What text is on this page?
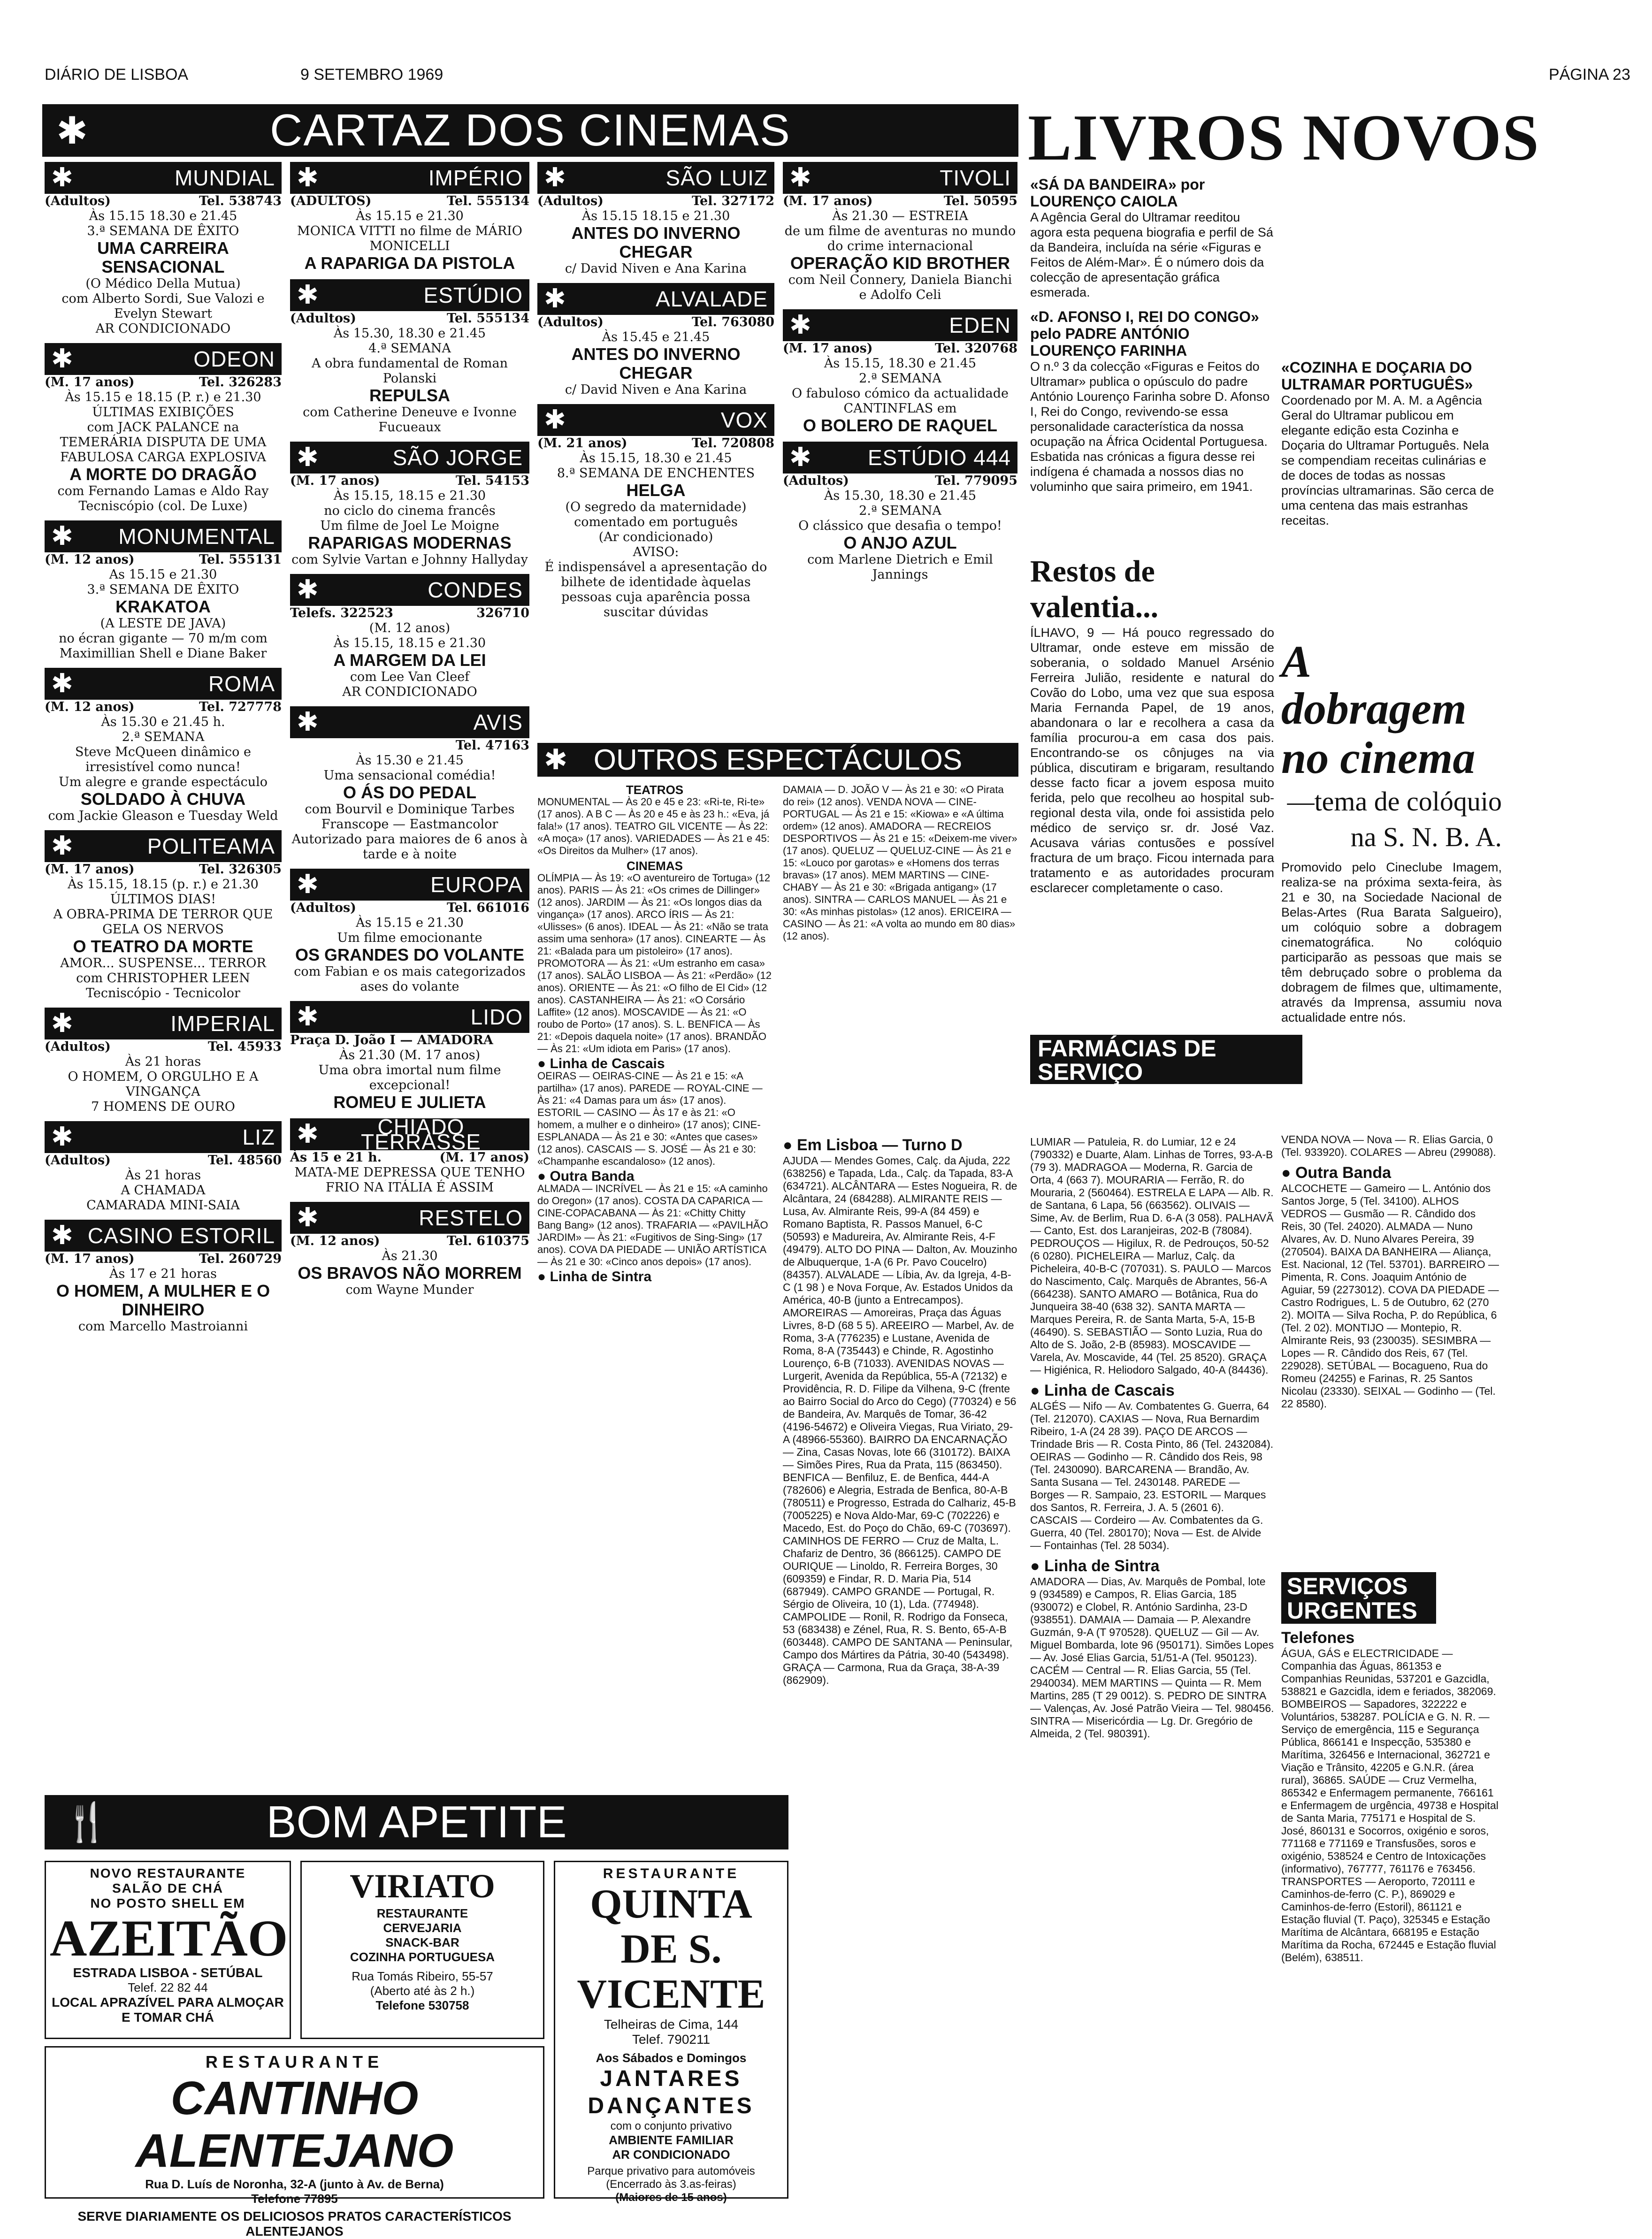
DIÁRIO DE LISBOA	9 SETEMBRO 1969	PÁGINA 23
✱	CARTAZ DOS CINEMAS
✱	MUNDIAL
(Adultos)	Tel. 538743
Às 15.15 18.30 e 21.45
3.ª SEMANA DE ÊXITO
UMA CARREIRA SENSACIONAL
(O Médico Della Mutua)
com Alberto Sordi, Sue Valozi e Evelyn Stewart
AR CONDICIONADO
✱	ODEON
(M. 17 anos)	Tel. 326283
Às 15.15 e 18.15 (P. r.) e 21.30
ÚLTIMAS EXIBIÇÕES
com JACK PALANCE na TEMERÁRIA DISPUTA DE UMA FABULOSA CARGA EXPLOSIVA
A MORTE DO DRAGÃO
com Fernando Lamas e Aldo Ray
Tecniscópio (col. De Luxe)
✱ MONUMENTAL
(M. 12 anos)	Tel. 555131
As 15.15 e 21.30
3.ª SEMANA DE ÊXITO
KRAKATOA
(A LESTE DE JAVA)
no écran gigante — 70 m/m com Maximillian Shell e Diane Baker
✱	ROMA
(M. 12 anos)	Tel. 727778
Às 15.30 e 21.45 h.
2.ª SEMANA
Steve McQueen dinâmico e irresistível como nunca!
Um alegre e grande espectáculo
SOLDADO À CHUVA
com Jackie Gleason e Tuesday Weld
✱	POLITEAMA
(M. 17 anos)	Tel. 326305
Às 15.15, 18.15 (p. r.) e 21.30
ÚLTIMOS DIAS!
A OBRA-PRIMA DE TERROR QUE GELA OS NERVOS
O TEATRO DA MORTE
AMOR... SUSPENSE... TERROR
com CHRISTOPHER LEEN
Tecniscópio - Tecnicolor
✱	IMPERIAL
(Adultos)	Tel. 45933
Às 21 horas
O HOMEM, O ORGULHO E A VINGANÇA
7 HOMENS DE OURO
✱	LIZ
(Adultos)	Tel. 48560
Às 21 horas
A CHAMADA
CAMARADA MINI-SAIA
✱ CASINO ESTORIL
(M. 17 anos)	Tel. 260729
Às 17 e 21 horas
O HOMEM, A MULHER E O DINHEIRO
com Marcello Mastroianni
✱	IMPÉRIO
(ADULTOS)	Tel. 555134
Às 15.15 e 21.30
MONICA VITTI no filme de MÁRIO MONICELLI
A RAPARIGA DA PISTOLA
✱	ESTÚDIO
(Adultos)	Tel. 555134
Às 15.30, 18.30 e 21.45
4.ª SEMANA
A obra fundamental de Roman Polanski
REPULSA
com Catherine Deneuve e Ivonne Fucueaux
✱	SÃO JORGE
(M. 17 anos)	Tel. 54153
Às 15.15, 18.15 e 21.30
no ciclo do cinema francês
Um filme de Joel Le Moigne
RAPARIGAS MODERNAS
com Sylvie Vartan e Johnny Hallyday
✱	CONDES
Telefs. 322523	326710
(M. 12 anos)
Às 15.15, 18.15 e 21.30
A MARGEM DA LEI
com Lee Van Cleef
AR CONDICIONADO
✱	AVIS
Tel. 47163
Às 15.30 e 21.45
Uma sensacional comédia!
O ÁS DO PEDAL
com Bourvil e Dominique Tarbes
Franscope — Eastmancolor
Autorizado para maiores de 6 anos à tarde e à noite
✱	EUROPA
(Adultos)	Tel. 661016
Às 15.15 e 21.30
Um filme emocionante
OS GRANDES DO VOLANTE
com Fabian e os mais categorizados ases do volante
✱	LIDO
Praça D. João I — AMADORA
Às 21.30 (M. 17 anos)
Uma obra imortal num filme excepcional!
ROMEU E JULIETA
✱	CHIADO TERRASSE
Às 15 e 21 h.	(M. 17 anos)
MATA-ME DEPRESSA QUE TENHO FRIO NA ITÁLIA É ASSIM
✱	RESTELO
(M. 12 anos)	Tel. 610375
Às 21.30
OS BRAVOS NÃO MORREM
com Wayne Munder
✱	SÃO LUIZ
(Adultos)	Tel. 327172
Às 15.15 18.15 e 21.30
ANTES DO INVERNO CHEGAR
c/ David Niven e Ana Karina
✱	ALVALADE
(Adultos)	Tel. 763080
Às 15.45 e 21.45
ANTES DO INVERNO CHEGAR
c/ David Niven e Ana Karina
✱	VOX
(M. 21 anos)	Tel. 720808
Às 15.15, 18.30 e 21.45
8.ª SEMANA DE ENCHENTES
HELGA
(O segredo da maternidade)
comentado em português
(Ar condicionado)
AVISO:
É indispensável a apresentação do bilhete de identidade àquelas pessoas cuja aparência possa suscitar dúvidas
✱	TIVOLI
(M. 17 anos)	Tel. 50595
Às 21.30 — ESTREIA
de um filme de aventuras no mundo do crime internacional
OPERAÇÃO KID BROTHER
com Neil Connery, Daniela Bianchi e Adolfo Celi
✱	EDEN
(M. 17 anos)	Tel. 320768
Às 15.15, 18.30 e 21.45
2.ª SEMANA
O fabuloso cómico da actualidade CANTINFLAS em
O BOLERO DE RAQUEL
✱	ESTÚDIO 444
(Adultos)	Tel. 779095
Às 15.30, 18.30 e 21.45
2.ª SEMANA
O clássico que desafia o tempo!
O ANJO AZUL
com Marlene Dietrich e Emil Jannings
✱ OUTROS ESPECTÁCULOS
TEATROS
MONUMENTAL — Às 20 e 45 e 23: «Ri-te, Ri-te» (17 anos). A B C — Às 20 e 45 e às 23 h.: «Eva, já fala!» (17 anos). TEATRO GIL VICENTE — Às 22: «A moça» (17 anos). VARIEDADES — Às 21 e 45: «Os Direitos da Mulher» (17 anos).
CINEMAS
OLÍMPIA — Às 19: «O aventureiro de Tortuga» (12 anos). PARIS — Às 21: «Os crimes de Dillinger» (12 anos). JARDIM — Às 21: «Os longos dias da vingança» (17 anos). ARCO ÍRIS — Às 21: «Ulisses» (6 anos). IDEAL — Às 21: «Não se trata assim uma senhora» (17 anos). CINEARTE — Às 21: «Balada para um pistoleiro» (17 anos). PROMOTORA — Às 21: «Um estranho em casa» (17 anos). SALÃO LISBOA — Às 21: «Perdão» (12 anos). ORIENTE — Às 21: «O filho de El Cid» (12 anos). CASTANHEIRA — Às 21: «O Corsário Laffite» (12 anos). MOSCAVIDE — Às 21: «O roubo de Porto» (17 anos). S. L. BENFICA — Às 21: «Depois daquela noite» (17 anos). BRANDÃO — Às 21: «Um idiota em Paris» (17 anos).
● Linha de Cascais
OEIRAS — OEIRAS-CINE — Às 21 e 15: «A partilha» (17 anos). PAREDE — ROYAL-CINE — Às 21: «4 Damas para um ás» (17 anos). ESTORIL — CASINO — Às 17 e às 21: «O homem, a mulher e o dinheiro» (17 anos); CINE-ESPLANADA — Às 21 e 30: «Antes que cases» (12 anos). CASCAIS — S. JOSÉ — Às 21 e 30: «Champanhe escandaloso» (12 anos).
● Outra Banda
ALMADA — INCRÍVEL — Às 21 e 15: «A caminho do Oregon» (17 anos). COSTA DA CAPARICA — CINE-COPACABANA — Às 21: «Chitty Chitty Bang Bang» (12 anos). TRAFARIA — «PAVILHÃO JARDIM» — Às 21: «Fugitivos de Sing-Sing» (17 anos). COVA DA PIEDADE — UNIÃO ARTÍSTICA — Às 21 e 30: «Cinco anos depois» (17 anos).
● Linha de Sintra
DAMAIA — D. JOÃO V — Às 21 e 30: «O Pirata do rei» (12 anos). VENDA NOVA — CINE-PORTUGAL — Às 21 e 15: «Kiowa» e «A última ordem» (12 anos). AMADORA — RECREIOS DESPORTIVOS — Às 21 e 15: «Deixem-me viver» (17 anos). QUELUZ — QUELUZ-CINE — Às 21 e 15: «Louco por garotas» e «Homens dos terras bravas» (17 anos). MEM MARTINS — CINE-CHABY — Às 21 e 30: «Brigada antigang» (17 anos). SINTRA — CARLOS MANUEL — Às 21 e 30: «As minhas pistolas» (12 anos). ERICEIRA — CASINO — Às 21: «A volta ao mundo em 80 dias» (12 anos).
LIVROS NOVOS
«SÁ DA BANDEIRA» por LOURENÇO CAIOLA
A Agência Geral do Ultramar reeditou agora esta pequena biografia e perfil de Sá da Bandeira, incluída na série «Figuras e Feitos de Além-Mar». É o número dois da colecção de apresentação gráfica esmerada.
«D. AFONSO I, REI DO CONGO» pelo PADRE ANTÓNIO LOURENÇO FARINHA
O n.º 3 da colecção «Figuras e Feitos do Ultramar» publica o opúsculo do padre António Lourenço Farinha sobre D. Afonso I, Rei do Congo, revivendo-se essa personalidade característica da nossa ocupação na África Ocidental Portuguesa. Esbatida nas crónicas a figura desse rei indígena é chamada a nossos dias no voluminho que saira primeiro, em 1941.
«COZINHA E DOÇARIA DO ULTRAMAR PORTUGUÊS»
Coordenado por M. A. M. a Agência Geral do Ultramar publicou em elegante edição esta Cozinha e Doçaria do Ultramar Português. Nela se compendiam receitas culinárias e de doces de todas as nossas províncias ultramarinas. São cerca de uma centena das mais estranhas receitas.
Restos de valentia...
ÍLHAVO, 9 — Há pouco regressado do Ultramar, onde esteve em missão de soberania, o soldado Manuel Arsénio Ferreira Julião, residente e natural do Covão do Lobo, uma vez que sua esposa Maria Fernanda Papel, de 19 anos, abandonara o lar e recolhera a casa da família procurou-a em casa dos pais. Encontrando-se os cônjuges na via pública, discutiram e brigaram, resultando desse facto ficar a jovem esposa muito ferida, pelo que recolheu ao hospital sub-regional desta vila, onde foi assistida pelo médico de serviço sr. dr. José Vaz. Acusava várias contusões e possível fractura de um braço. Ficou internada para tratamento e as autoridades procuram esclarecer completamente o caso.
A dobragem
no cinema
—tema de colóquio
na S. N. B. A.
Promovido pelo Cineclube Imagem, realiza-se na próxima sexta-feira, às 21 e 30, na Sociedade Nacional de Belas-Artes (Rua Barata Salgueiro), um colóquio sobre a dobragem cinematográfica. No colóquio participarão as pessoas que mais se têm debruçado sobre o problema da dobragem de filmes que, ultimamente, através da Imprensa, assumiu nova actualidade entre nós.
FARMÁCIAS DE SERVIÇO
● Em Lisboa — Turno D
AJUDA — Mendes Gomes, Calç. da Ajuda, 222 (638256) e Tapada, Lda., Calç. da Tapada, 83-A (634721). ALCÂNTARA — Estes Nogueira, R. de Alcântara, 24 (684288). ALMIRANTE REIS — Lusa, Av. Almirante Reis, 99-A (84 459) e Romano Baptista, R. Passos Manuel, 6-C (50593) e Madureira, Av. Almirante Reis, 4-F (49479). ALTO DO PINA — Dalton, Av. Mouzinho de Albuquerque, 1-A (6 Pr. Pavo Coucelro) (84357). ALVALADE — Líbia, Av. da Igreja, 4-B-C (1 98 ) e Nova Forque, Av. Estados Unidos da América, 40-B (junto a Entrecampos). AMOREIRAS — Amoreiras, Praça das Águas Livres, 8-D (68 5 5). AREEIRO — Marbel, Av. de Roma, 3-A (776235) e Lustane, Avenida de Roma, 8-A (735443) e Chinde, R. Agostinho Lourenço, 6-B (71033). AVENIDAS NOVAS — Lurgerit, Avenida da República, 55-A (72132) e Providência, R. D. Filipe da Vilhena, 9-C (frente ao Bairro Social do Arco do Cego) (770324) e 56 de Bandeira, Av. Marquês de Tomar, 36-42 (4196-54672) e Oliveira Viegas, Rua Viriato, 29-A (48966-55360). BAIRRO DA ENCARNAÇÃO — Zina, Casas Novas, lote 66 (310172). BAIXA — Simões Pires, Rua da Prata, 115 (863450). BENFICA — Benfiluz, E. de Benfica, 444-A (782606) e Alegria, Estrada de Benfica, 80-A-B (780511) e Progresso, Estrada do Calhariz, 45-B (7005225) e Nova Aldo-Mar, 69-C (702226) e Macedo, Est. do Poço do Chão, 69-C (703697). CAMINHOS DE FERRO — Cruz de Malta, L. Chafariz de Dentro, 36 (866125). CAMPO DE OURIQUE — Linoldo, R. Ferreira Borges, 30 (609359) e Findar, R. D. Maria Pia, 514 (687949). CAMPO GRANDE — Portugal, R. Sérgio de Oliveira, 10 (1), Lda. (774948). CAMPOLIDE — Ronil, R. Rodrigo da Fonseca, 53 (683438) e Zénel, Rua, R. S. Bento, 65-A-B (603448). CAMPO DE SANTANA — Peninsular, Campo dos Mártires da Pátria, 30-40 (543498). GRAÇA — Carmona, Rua da Graça, 38-A-39 (862909).
LUMIAR — Patuleia, R. do Lumiar, 12 e 24 (790332) e Duarte, Alam. Linhas de Torres, 93-A-B (79 3). MADRAGOA — Moderna, R. Garcia de Orta, 4 (663 7). MOURARIA — Ferrão, R. do Mouraria, 2 (560464). ESTRELA E LAPA — Alb. R. de Santana, 6 Lapa, 56 (663562). OLIVAIS — Sime, Av. de Berlim, Rua D. 6-A (3 058). PALHAVÃ — Canto, Est. dos Laranjeiras, 202-B (78084). PEDROUÇOS — Higilux, R. de Pedrouços, 50-52 (6 0280). PICHELEIRA — Marluz, Calç. da Picheleira, 40-B-C (707031). S. PAULO — Marcos do Nascimento, Calç. Marquês de Abrantes, 56-A (664238). SANTO AMARO — Botânica, Rua do Junqueira 38-40 (638 32). SANTA MARTA — Marques Pereira, R. de Santa Marta, 5-A, 15-B (46490). S. SEBASTIÃO — Sonto Luzia, Rua do Alto de S. João, 2-B (85983). MOSCAVIDE — Varela, Av. Moscavide, 44 (Tel. 25 8520). GRAÇA — Higiénica, R. Heliodoro Salgado, 40-A (84436).
● Linha de Cascais
ALGÉS — Nifo — Av. Combatentes G. Guerra, 64 (Tel. 212070). CAXIAS — Nova, Rua Bernardim Ribeiro, 1-A (24 28 39). PAÇO DE ARCOS — Trindade Bris — R. Costa Pinto, 86 (Tel. 2432084). OEIRAS — Godinho — R. Cândido dos Reis, 98 (Tel. 2430090). BARCARENA — Brandão, Av. Santa Susana — Tel. 2430148. PAREDE — Borges — R. Sampaio, 23. ESTORIL — Marques dos Santos, R. Ferreira, J. A. 5 (2601 6). CASCAIS — Cordeiro — Av. Combatentes da G. Guerra, 40 (Tel. 280170); Nova — Est. de Alvide — Fontainhas (Tel. 28 5034).
● Linha de Sintra
AMADORA — Dias, Av. Marquês de Pombal, lote 9 (934589) e Campos, R. Elias Garcia, 185 (930072) e Clobel, R. António Sardinha, 23-D (938551). DAMAIA — Damaia — P. Alexandre Guzmán, 9-A (T 970528). QUELUZ — Gil — Av. Miguel Bombarda, lote 96 (950171). Simões Lopes — Av. José Elias Garcia, 51/51-A (Tel. 950123). CACÉM — Central — R. Elias Garcia, 55 (Tel. 2940034). MEM MARTINS — Quinta — R. Mem Martins, 285 (T 29 0012). S. PEDRO DE SINTRA — Valenças, Av. José Patrão Vieira — Tel. 980456. SINTRA — Misericórdia — Lg. Dr. Gregório de Almeida, 2 (Tel. 980391).
VENDA NOVA — Nova — R. Elias Garcia, 0 (Tel. 933920). COLARES — Abreu (299088).
● Outra Banda
ALCOCHETE — Gameiro — L. António dos Santos Jorge, 5 (Tel. 34100). ALHOS VEDROS — Gusmão — R. Cândido dos Reis, 30 (Tel. 24020). ALMADA — Nuno Alvares, Av. D. Nuno Alvares Pereira, 39 (270504). BAIXA DA BANHEIRA — Aliança, Est. Nacional, 12 (Tel. 53701). BARREIRO — Pimenta, R. Cons. Joaquim António de Aguiar, 59 (2273012). COVA DA PIEDADE — Castro Rodrigues, L. 5 de Outubro, 62 (270 2). MOITA — Silva Rocha, P. do República, 6 (Tel. 2 02). MONTIJO — Montepio, R. Almirante Reis, 93 (230035). SESIMBRA — Lopes — R. Cândido dos Reis, 67 (Tel. 229028). SETÚBAL — Bocagueno, Rua do Romeu (24255) e Farinas, R. 25 Santos Nicolau (23330). SEIXAL — Godinho — (Tel. 22 8580).
SERVIÇOS URGENTES
Telefones
ÁGUA, GÁS e ELECTRICIDADE — Companhia das Águas, 861353 e Companhias Reunidas, 537201 e Gazcidla, 538821 e Gazcidla, idem e feriados, 382069. BOMBEIROS — Sapadores, 322222 e Voluntários, 538287. POLÍCIA e G. N. R. — Serviço de emergência, 115 e Segurança Pública, 866141 e Inspecção, 535380 e Marítima, 326456 e Internacional, 362721 e Viação e Trânsito, 42205 e G.N.R. (área rural), 36865. SAÚDE — Cruz Vermelha, 865342 e Enfermagem permanente, 766161 e Enfermagem de urgência, 49738 e Hospital de Santa Maria, 775171 e Hospital de S. José, 860131 e Socorros, oxigénio e soros, 771168 e 771169 e Transfusões, soros e oxigénio, 538524 e Centro de Intoxicações (informativo), 767777, 761176 e 763456. TRANSPORTES — Aeroporto, 720111 e Caminhos-de-ferro (C. P.), 869029 e Caminhos-de-ferro (Estoril), 861121 e Estação fluvial (T. Paço), 325345 e Estação Marítima de Alcântara, 668195 e Estação Marítima da Rocha, 672445 e Estação fluvial (Belém), 638511.
🍴	BOM APETITE
NOVO RESTAURANTE
SALÃO DE CHÁ
NO POSTO SHELL EM
AZEITÃO
ESTRADA LISBOA - SETÚBAL
Telef. 22 82 44
LOCAL APRAZÍVEL PARA ALMOÇAR E TOMAR CHÁ
VIRIATO
RESTAURANTE
CERVEJARIA
SNACK-BAR
COZINHA PORTUGUESA
Rua Tomás Ribeiro, 55-57
(Aberto até às 2 h.)
Telefone 530758
RESTAURANTE
QUINTA DE S. VICENTE
Telheiras de Cima, 144
Telef. 790211
Aos Sábados e Domingos
JANTARES DANÇANTES
com o conjunto privativo
AMBIENTE FAMILIAR
AR CONDICIONADO
Parque privativo para automóveis
(Encerrado às 3.as-feiras)
(Maiores de 15 anos)
RESTAURANTE
CANTINHO ALENTEJANO
Rua D. Luís de Noronha, 32-A (junto à Av. de Berna)
Telefone 77895
SERVE DIARIAMENTE OS DELICIOSOS PRATOS CARACTERÍSTICOS ALENTEJANOS
